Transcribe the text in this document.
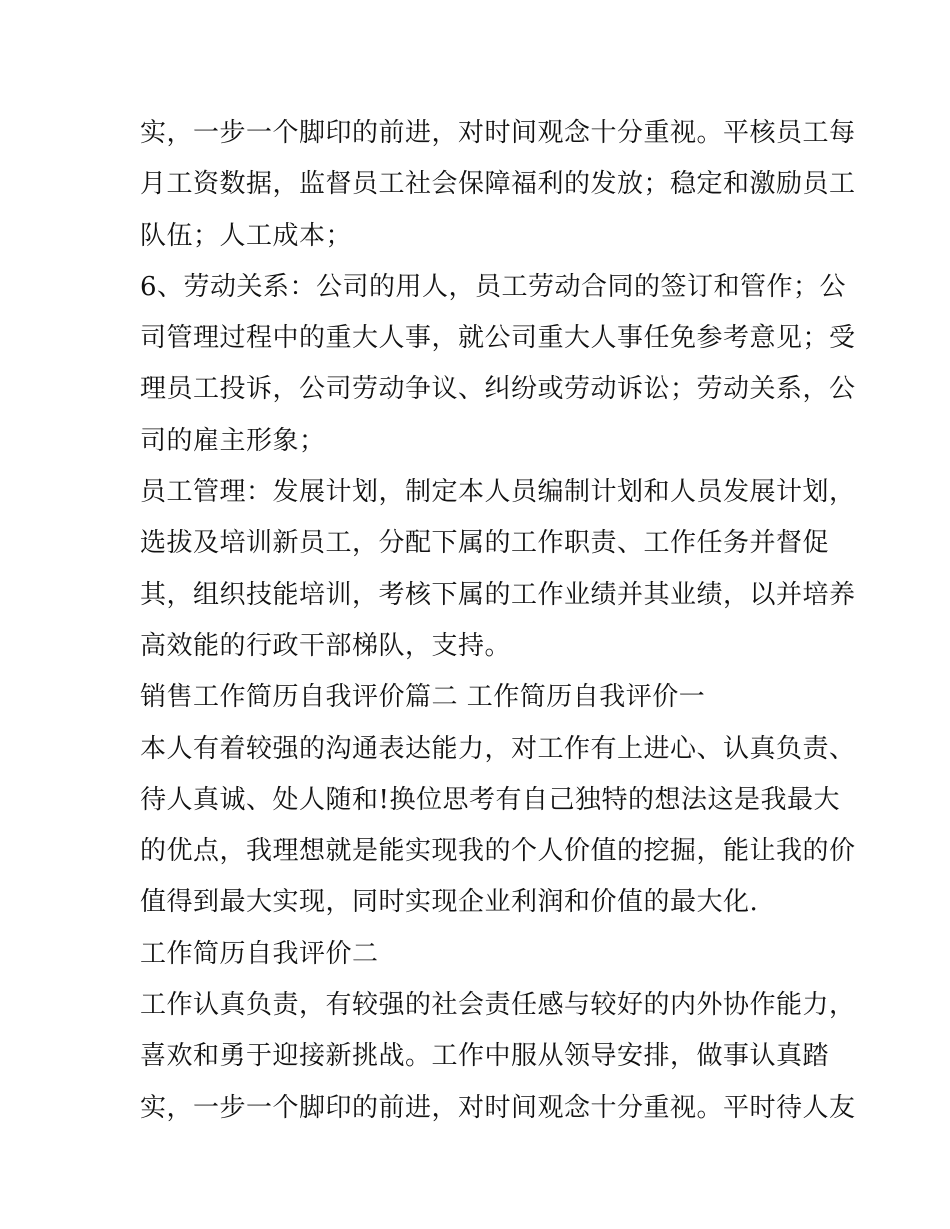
实，一步一个脚印的前进，对时间观念十分重视。平核员工每
月工资数据，监督员工社会保障福利的发放；稳定和激励员工
队伍；人工成本；
6、劳动关系：公司的用人，员工劳动合同的签订和管作；公
司管理过程中的重大人事，就公司重大人事任免参考意见；受
理员工投诉，公司劳动争议、纠纷或劳动诉讼；劳动关系，公
司的雇主形象；
员工管理：发展计划，制定本人员编制计划和人员发展计划，
选拔及培训新员工，分配下属的工作职责、工作任务并督促
其，组织技能培训，考核下属的工作业绩并其业绩，以并培养
高效能的行政干部梯队，支持。
销售工作简历自我评价篇二 工作简历自我评价一
本人有着较强的沟通表达能力，对工作有上进心、认真负责、
待人真诚、处人随和!换位思考有自己独特的想法这是我最大
的优点，我理想就是能实现我的个人价值的挖掘，能让我的价
值得到最大实现，同时实现企业利润和价值的最大化.
工作简历自我评价二
工作认真负责，有较强的社会责任感与较好的内外协作能力，
喜欢和勇于迎接新挑战。工作中服从领导安排，做事认真踏
实，一步一个脚印的前进，对时间观念十分重视。平时待人友
